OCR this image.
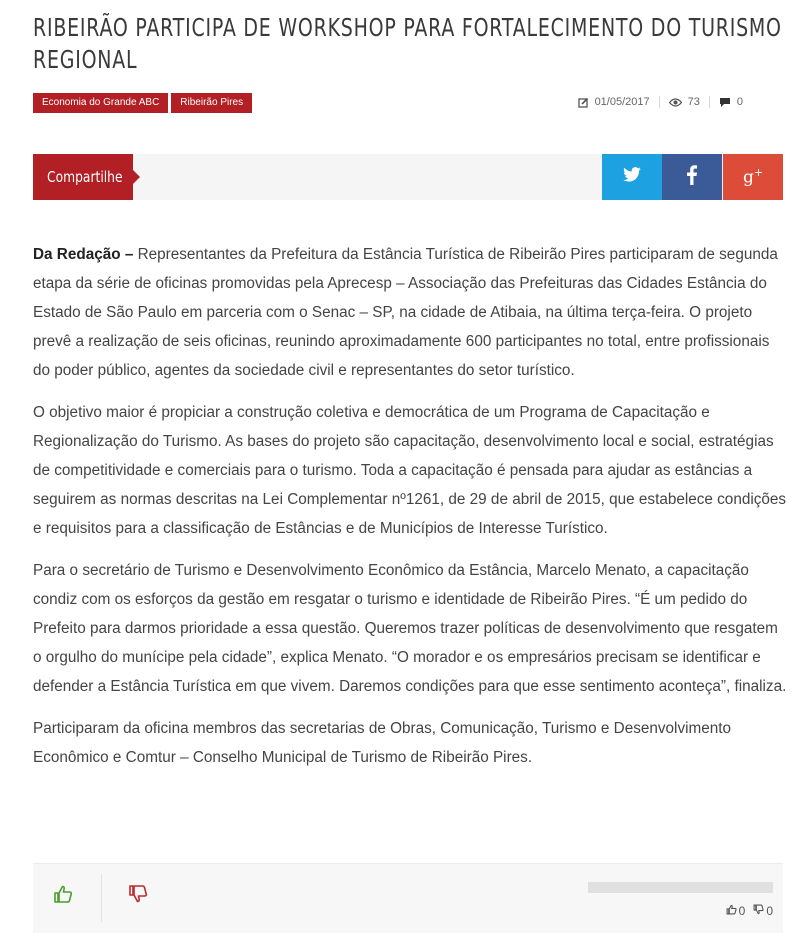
RIBEIRÃO PARTICIPA DE WORKSHOP PARA FORTALECIMENTO DO TURISMO REGIONAL
Economia do Grande ABC	Ribeirão Pires	01/05/2017	73	0
Compartilhe	g+

Da Redação – Representantes da Prefeitura da Estância Turística de Ribeirão Pires participaram de segunda etapa da série de oficinas promovidas pela Aprecesp – Associação das Prefeituras das Cidades Estância do Estado de São Paulo em parceria com o Senac – SP, na cidade de Atibaia, na última terça-feira. O projeto prevê a realização de seis oficinas, reunindo aproximadamente 600 participantes no total, entre profissionais do poder público, agentes da sociedade civil e representantes do setor turístico.

O objetivo maior é propiciar a construção coletiva e democrática de um Programa de Capacitação e Regionalização do Turismo. As bases do projeto são capacitação, desenvolvimento local e social, estratégias de competitividade e comerciais para o turismo. Toda a capacitação é pensada para ajudar as estâncias a seguirem as normas descritas na Lei Complementar nº1261, de 29 de abril de 2015, que estabelece condições e requisitos para a classificação de Estâncias e de Municípios de Interesse Turístico.

Para o secretário de Turismo e Desenvolvimento Econômico da Estância, Marcelo Menato, a capacitação condiz com os esforços da gestão em resgatar o turismo e identidade de Ribeirão Pires. “É um pedido do Prefeito para darmos prioridade a essa questão. Queremos trazer políticas de desenvolvimento que resgatem o orgulho do munícipe pela cidade”, explica Menato. “O morador e os empresários precisam se identificar e defender a Estância Turística em que vivem. Daremos condições para que esse sentimento aconteça”, finaliza.

Participaram da oficina membros das secretarias de Obras, Comunicação, Turismo e Desenvolvimento Econômico e Comtur – Conselho Municipal de Turismo de Ribeirão Pires.

0 0
